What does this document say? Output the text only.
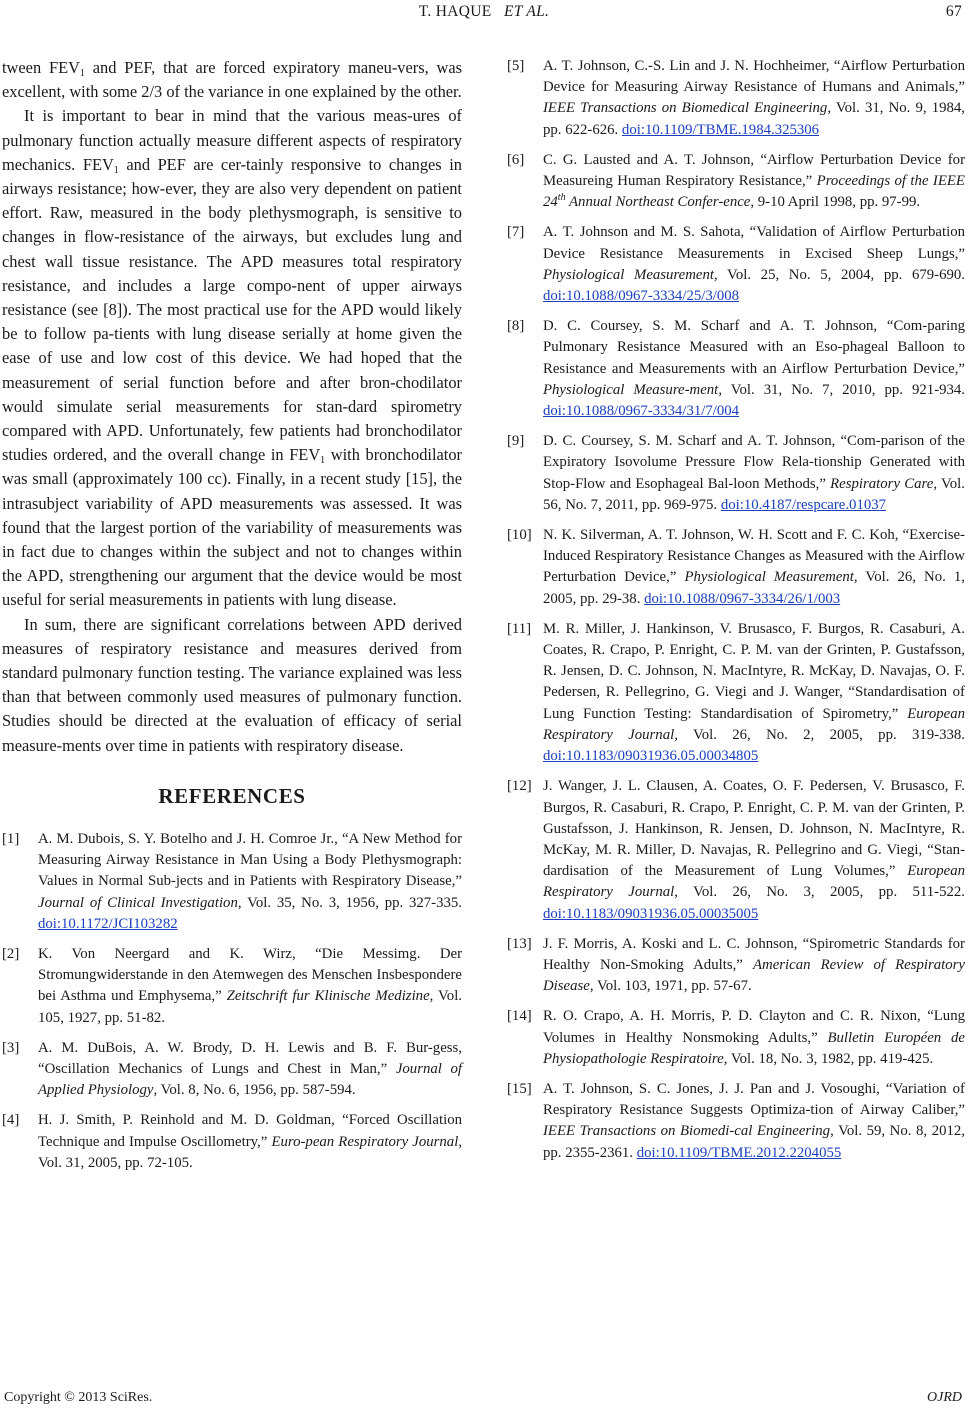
T. HAQUE ET AL.	67

tween $FEV_1$ and PEF, that are forced expiratory maneu-vers, was excellent, with some 2/3 of the variance in one explained by the other.

It is important to bear in mind that the various meas-ures of pulmonary function actually measure different aspects of respiratory mechanics. $FEV_1$ and PEF are cer-tainly responsive to changes in airways resistance; how-ever, they are also very dependent on patient effort. Raw, measured in the body plethysmograph, is sensitive to changes in flow-resistance of the airways, but excludes lung and chest wall tissue resistance. The APD measures total respiratory resistance, and includes a large compo-nent of upper airways resistance (see [8]). The most practical use for the APD would likely be to follow pa-tients with lung disease serially at home given the ease of use and low cost of this device. We had hoped that the measurement of serial function before and after bron-chodilator would simulate serial measurements for stan-dard spirometry compared with APD. Unfortunately, few patients had bronchodilator studies ordered, and the overall change in $FEV_1$ with bronchodilator was small (approximately 100 cc). Finally, in a recent study [15], the intrasubject variability of APD measurements was assessed. It was found that the largest portion of the variability of measurements was in fact due to changes within the subject and not to changes within the APD, strengthening our argument that the device would be most useful for serial measurements in patients with lung disease.

In sum, there are significant correlations between APD derived measures of respiratory resistance and measures derived from standard pulmonary function testing. The variance explained was less than that between commonly used measures of pulmonary function. Studies should be directed at the evaluation of efficacy of serial measure-ments over time in patients with respiratory disease.

REFERENCES
[1]	A. M. Dubois, S. Y. Botelho and J. H. Comroe Jr., “A New Method for Measuring Airway Resistance in Man Using a Body Plethysmograph: Values in Normal Sub-jects and in Patients with Respiratory Disease,” Journal of Clinical Investigation, Vol. 35, No. 3, 1956, pp. 327-335. doi:10.1172/JCI103282
[2]	K. Von Neergard and K. Wirz, “Die Messimg. Der Stromungwiderstande in den Atemwegen des Menschen Insbespondere bei Asthma und Emphysema,” Zeitschrift fur Klinische Medizine, Vol. 105, 1927, pp. 51-82.
[3]	A. M. DuBois, A. W. Brody, D. H. Lewis and B. F. Bur-gess, “Oscillation Mechanics of Lungs and Chest in Man,” Journal of Applied Physiology, Vol. 8, No. 6, 1956, pp. 587-594.
[4]	H. J. Smith, P. Reinhold and M. D. Goldman, “Forced Oscillation Technique and Impulse Oscillometry,” Euro-pean Respiratory Journal, Vol. 31, 2005, pp. 72-105.
[5]	A. T. Johnson, C.-S. Lin and J. N. Hochheimer, “Airflow Perturbation Device for Measuring Airway Resistance of Humans and Animals,” IEEE Transactions on Biomedical Engineering, Vol. 31, No. 9, 1984, pp. 622-626. doi:10.1109/TBME.1984.325306
[6]	C. G. Lausted and A. T. Johnson, “Airflow Perturbation Device for Measureing Human Respiratory Resistance,” Proceedings of the IEEE 24th Annual Northeast Confer-ence, 9-10 April 1998, pp. 97-99.
[7]	A. T. Johnson and M. S. Sahota, “Validation of Airflow Perturbation Device Resistance Measurements in Excised Sheep Lungs,” Physiological Measurement, Vol. 25, No. 5, 2004, pp. 679-690. doi:10.1088/0967-3334/25/3/008
[8]	D. C. Coursey, S. M. Scharf and A. T. Johnson, “Com-paring Pulmonary Resistance Measured with an Eso-phageal Balloon to Resistance and Measurements with an Airflow Perturbation Device,” Physiological Measure-ment, Vol. 31, No. 7, 2010, pp. 921-934. doi:10.1088/0967-3334/31/7/004
[9]	D. C. Coursey, S. M. Scharf and A. T. Johnson, “Com-parison of the Expiratory Isovolume Pressure Flow Rela-tionship Generated with Stop-Flow and Esophageal Bal-loon Methods,” Respiratory Care, Vol. 56, No. 7, 2011, pp. 969-975. doi:10.4187/respcare.01037
[10] N. K. Silverman, A. T. Johnson, W. H. Scott and F. C. Koh, “Exercise-Induced Respiratory Resistance Changes as Measured with the Airflow Perturbation Device,” Physiological Measurement, Vol. 26, No. 1, 2005, pp. 29-38. doi:10.1088/0967-3334/26/1/003
[11] M. R. Miller, J. Hankinson, V. Brusasco, F. Burgos, R. Casaburi, A. Coates, R. Crapo, P. Enright, C. P. M. van der Grinten, P. Gustafsson, R. Jensen, D. C. Johnson, N. MacIntyre, R. McKay, D. Navajas, O. F. Pedersen, R. Pellegrino, G. Viegi and J. Wanger, “Standardisation of Lung Function Testing: Standardisation of Spirometry,” European Respiratory Journal, Vol. 26, No. 2, 2005, pp. 319-338. doi:10.1183/09031936.05.00034805
[12] J. Wanger, J. L. Clausen, A. Coates, O. F. Pedersen, V. Brusasco, F. Burgos, R. Casaburi, R. Crapo, P. Enright, C. P. M. van der Grinten, P. Gustafsson, J. Hankinson, R. Jensen, D. Johnson, N. MacIntyre, R. McKay, M. R. Miller, D. Navajas, R. Pellegrino and G. Viegi, “Stan-dardisation of the Measurement of Lung Volumes,” European Respiratory Journal, Vol. 26, No. 3, 2005, pp. 511-522. doi:10.1183/09031936.05.00035005
[13] J. F. Morris, A. Koski and L. C. Johnson, “Spirometric Standards for Healthy Non-Smoking Adults,” American Review of Respiratory Disease, Vol. 103, 1971, pp. 57-67.
[14] R. O. Crapo, A. H. Morris, P. D. Clayton and C. R. Nixon, “Lung Volumes in Healthy Nonsmoking Adults,” Bulletin Européen de Physiopathologie Respiratoire, Vol. 18, No. 3, 1982, pp. 419-425.
[15] A. T. Johnson, S. C. Jones, J. J. Pan and J. Vosoughi, “Variation of Respiratory Resistance Suggests Optimiza-tion of Airway Caliber,” IEEE Transactions on Biomedi-cal Engineering, Vol. 59, No. 8, 2012, pp. 2355-2361. doi:10.1109/TBME.2012.2204055
Copyright © 2013 SciRes.	OJRD
